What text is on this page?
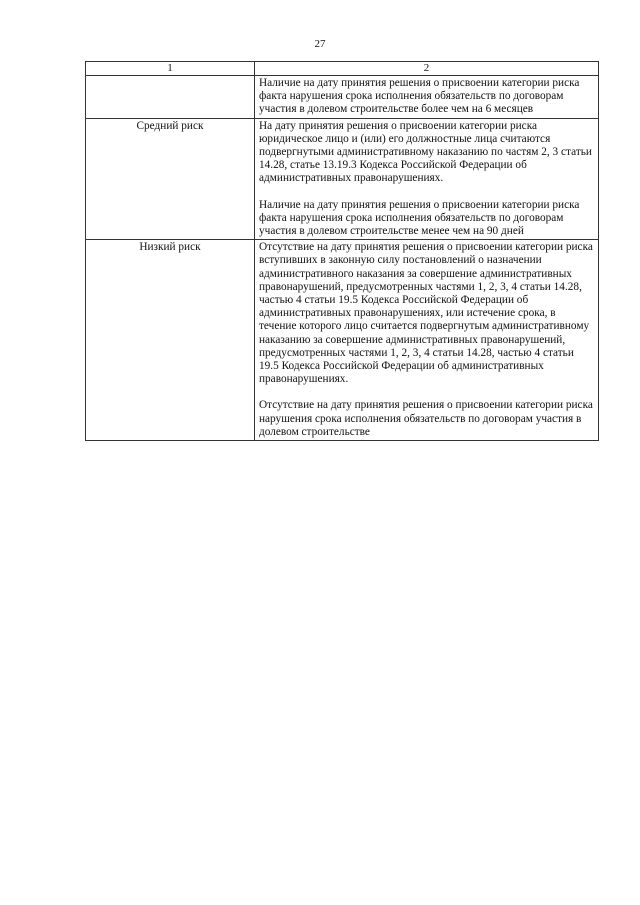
27
1	2

	Наличие на дату принятия решения о присвоении категории риска факта нарушения срока исполнения обязательств по договорам участия в долевом строительстве более чем на 6 месяцев

Средний риск	На дату принятия решения о присвоении категории риска юридическое лицо и (или) его должностные лица считаются подвергнутыми административному наказанию по частям 2, 3 статьи 14.28, статье 13.19.3 Кодекса Российской Федерации об административных правонарушениях.

Наличие на дату принятия решения о присвоении категории риска факта нарушения срока исполнения обязательств по договорам участия в долевом строительстве менее чем на 90 дней

Низкий риск	Отсутствие на дату принятия решения о присвоении категории риска вступивших в законную силу постановлений о назначении административного наказания за совершение административных правонарушений, предусмотренных частями 1, 2, 3, 4 статьи 14.28, частью 4 статьи 19.5 Кодекса Российской Федерации об административных правонарушениях, или истечение срока, в течение которого лицо считается подвергнутым административному наказанию за совершение административных правонарушений, предусмотренных частями 1, 2, 3, 4 статьи 14.28, частью 4 статьи 19.5 Кодекса Российской Федерации об административных правонарушениях.

Отсутствие на дату принятия решения о присвоении категории риска нарушения срока исполнения обязательств по договорам участия в долевом строительстве
